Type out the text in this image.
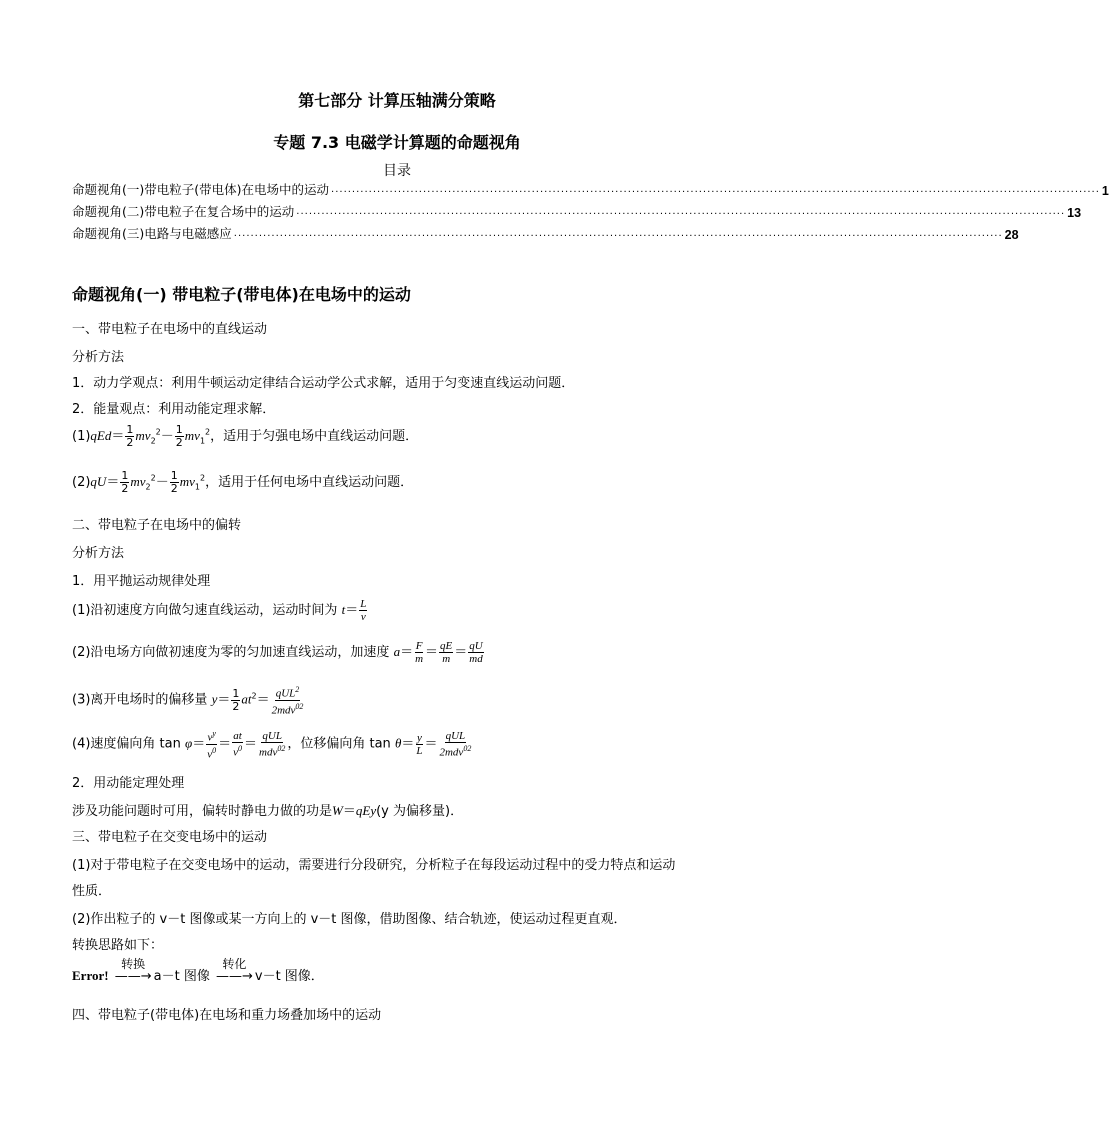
第七部分 计算压轴满分策略
专题 7.3 电磁学计算题的命题视角
目录
命题视角(一) 带电粒子(带电体)在电场中的运动 ........................................................................................................................................................................................ 1
命题视角(二) 带电粒子在复合场中的运动 ........................................................................................................................................................................................ 13
命题视角(三) 电路与电磁感应 ........................................................................................................................................................................................ 28
命题视角(一) 带电粒子(带电体)在电场中的运动
一、带电粒子在电场中的直线运动
分析方法
1．动力学观点：利用牛顿运动定律结合运动学公式求解，适用于匀变速直线运动问题．
2．能量观点：利用动能定理求解．
$(1)qEd= \frac{1}{2} mv_2^2- \frac{1}{2} mv_1^2$，适用于匀强电场中直线运动问题．
$(2)qU= \frac{1}{2} mv_2^2- \frac{1}{2} mv_1^2$，适用于任何电场中直线运动问题．
二、带电粒子在电场中的偏转
分析方法
1．用平抛运动规律处理
(1)沿初速度方向做匀速直线运动，运动时间为 $t= \frac{L}{v}$
(2)沿电场方向做初速度为零的匀加速直线运动，加速度 $a= \frac{F}{m} = \frac{qE}{m} = \frac{qU}{md}$
(3)离开电场时的偏移量 $y= \frac{1}{2} at^2= \frac{qUL^2}{2mdv^{02}}$
(4)速度偏向角 $\tan \varphi= \frac{v^y}{v^0} = \frac{at}{v^0} = \frac{\text{qUL}}{mdv^{02}}$ ，位移偏向角 $\tan \theta= \frac{y}{L} = \frac{\text{qUL}}{2mdv^{02}}$
2．用动能定理处理
涉及功能问题时可用，偏转时静电力做的功是W＝qEy(y 为偏移量)．
三、带电粒子在交变电场中的运动
(1)对于带电粒子在交变电场中的运动，需要进行分段研究，分析粒子在每段运动过程中的受力特点和运动
性质．
(2)作出粒子的 v－t 图像或某一方向上的 v－t 图像，借助图像、结合轨迹，使运动过程更直观．
转换思路如下：
Error!
转换
——→ a－t 图像
转化
——→ v－t 图像．
四、带电粒子(带电体)在电场和重力场叠加场中的运动
